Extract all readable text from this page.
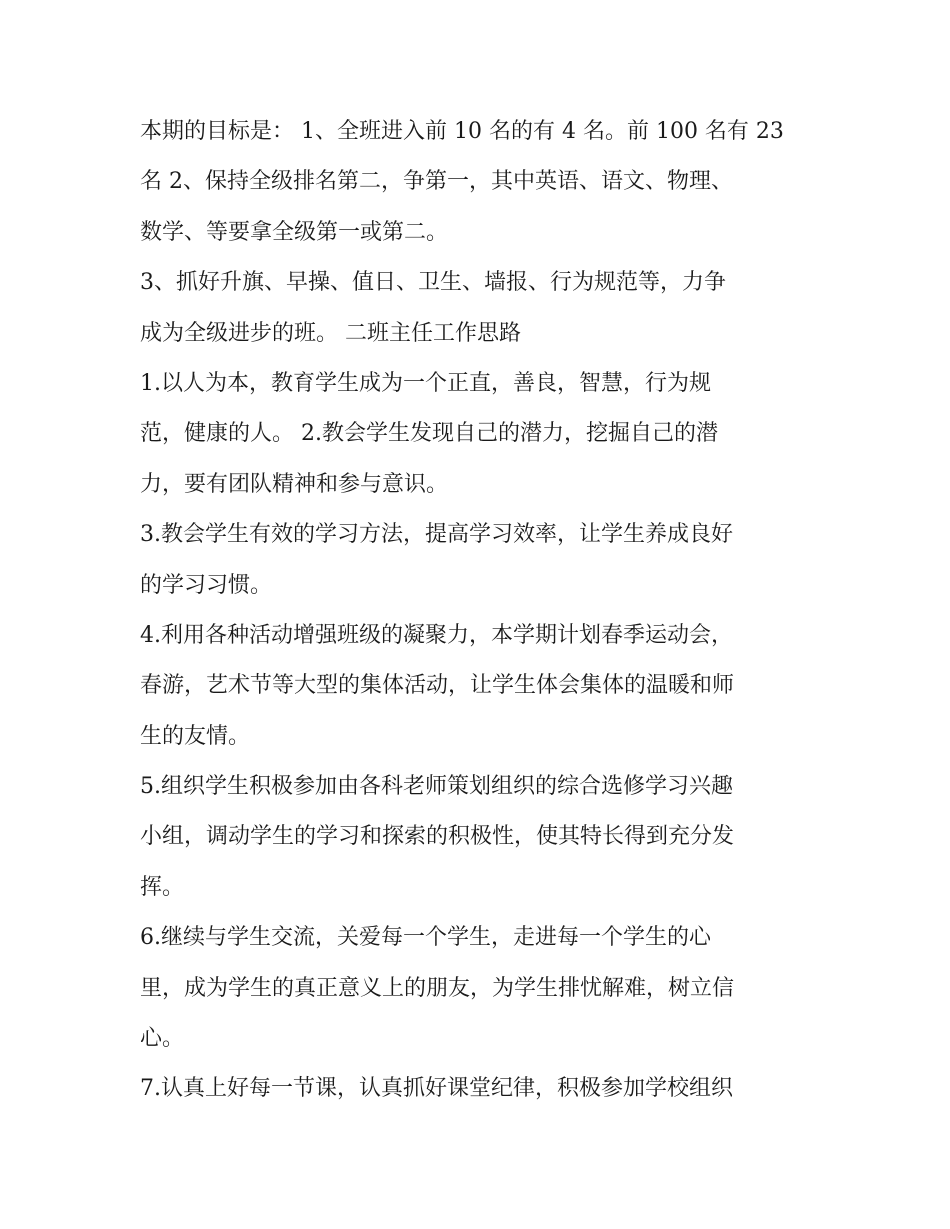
本期的目标是： 1、全班进入前 10 名的有 4 名。前 100 名有 23
名 2、保持全级排名第二，争第一，其中英语、语文、物理、
数学、等要拿全级第一或第二。
3、抓好升旗、早操、值日、卫生、墙报、行为规范等，力争
成为全级进步的班。 二班主任工作思路
1.以人为本，教育学生成为一个正直，善良，智慧，行为规
范，健康的人。 2.教会学生发现自己的潜力，挖掘自己的潜
力，要有团队精神和参与意识。
3.教会学生有效的学习方法，提高学习效率，让学生养成良好
的学习习惯。
4.利用各种活动增强班级的凝聚力，本学期计划春季运动会，
春游，艺术节等大型的集体活动，让学生体会集体的温暖和师
生的友情。
5.组织学生积极参加由各科老师策划组织的综合选修学习兴趣
小组，调动学生的学习和探索的积极性，使其特长得到充分发
挥。
6.继续与学生交流，关爱每一个学生，走进每一个学生的心
里，成为学生的真正意义上的朋友，为学生排忧解难，树立信
心。
7.认真上好每一节课，认真抓好课堂纪律，积极参加学校组织
